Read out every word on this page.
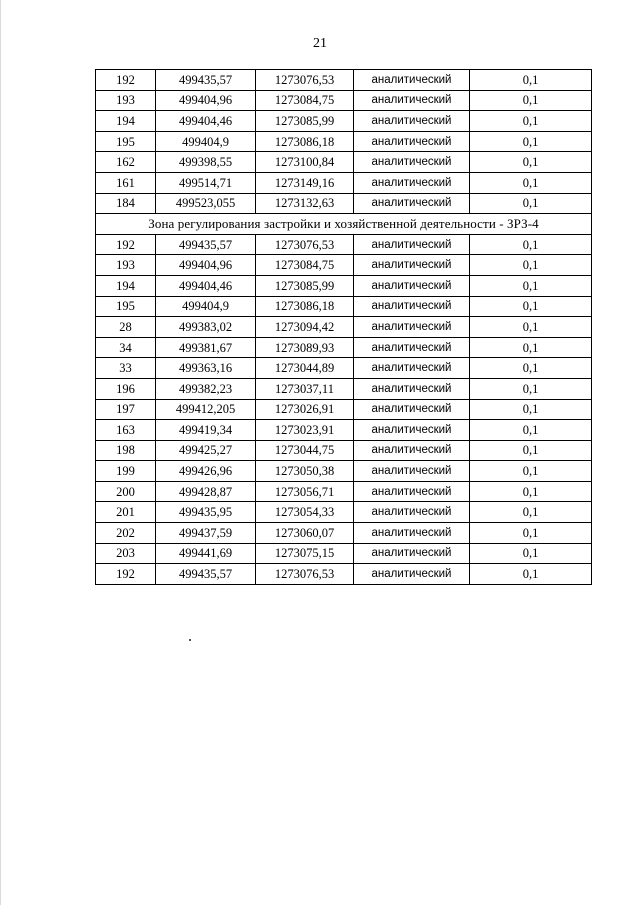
21
192	499435,57	1273076,53	аналитический	0,1
193	499404,96	1273084,75	аналитический	0,1
194	499404,46	1273085,99	аналитический	0,1
195	499404,9	1273086,18	аналитический	0,1
162	499398,55	1273100,84	аналитический	0,1
161	499514,71	1273149,16	аналитический	0,1
184	499523,055	1273132,63	аналитический	0,1
Зона регулирования застройки и хозяйственной деятельности - ЗРЗ-4				
192	499435,57	1273076,53	аналитический	0,1
193	499404,96	1273084,75	аналитический	0,1
194	499404,46	1273085,99	аналитический	0,1
195	499404,9	1273086,18	аналитический	0,1
28	499383,02	1273094,42	аналитический	0,1
34	499381,67	1273089,93	аналитический	0,1
33	499363,16	1273044,89	аналитический	0,1
196	499382,23	1273037,11	аналитический	0,1
197	499412,205	1273026,91	аналитический	0,1
163	499419,34	1273023,91	аналитический	0,1
198	499425,27	1273044,75	аналитический	0,1
199	499426,96	1273050,38	аналитический	0,1
200	499428,87	1273056,71	аналитический	0,1
201	499435,95	1273054,33	аналитический	0,1
202	499437,59	1273060,07	аналитический	0,1
203	499441,69	1273075,15	аналитический	0,1
192	499435,57	1273076,53	аналитический	0,1
